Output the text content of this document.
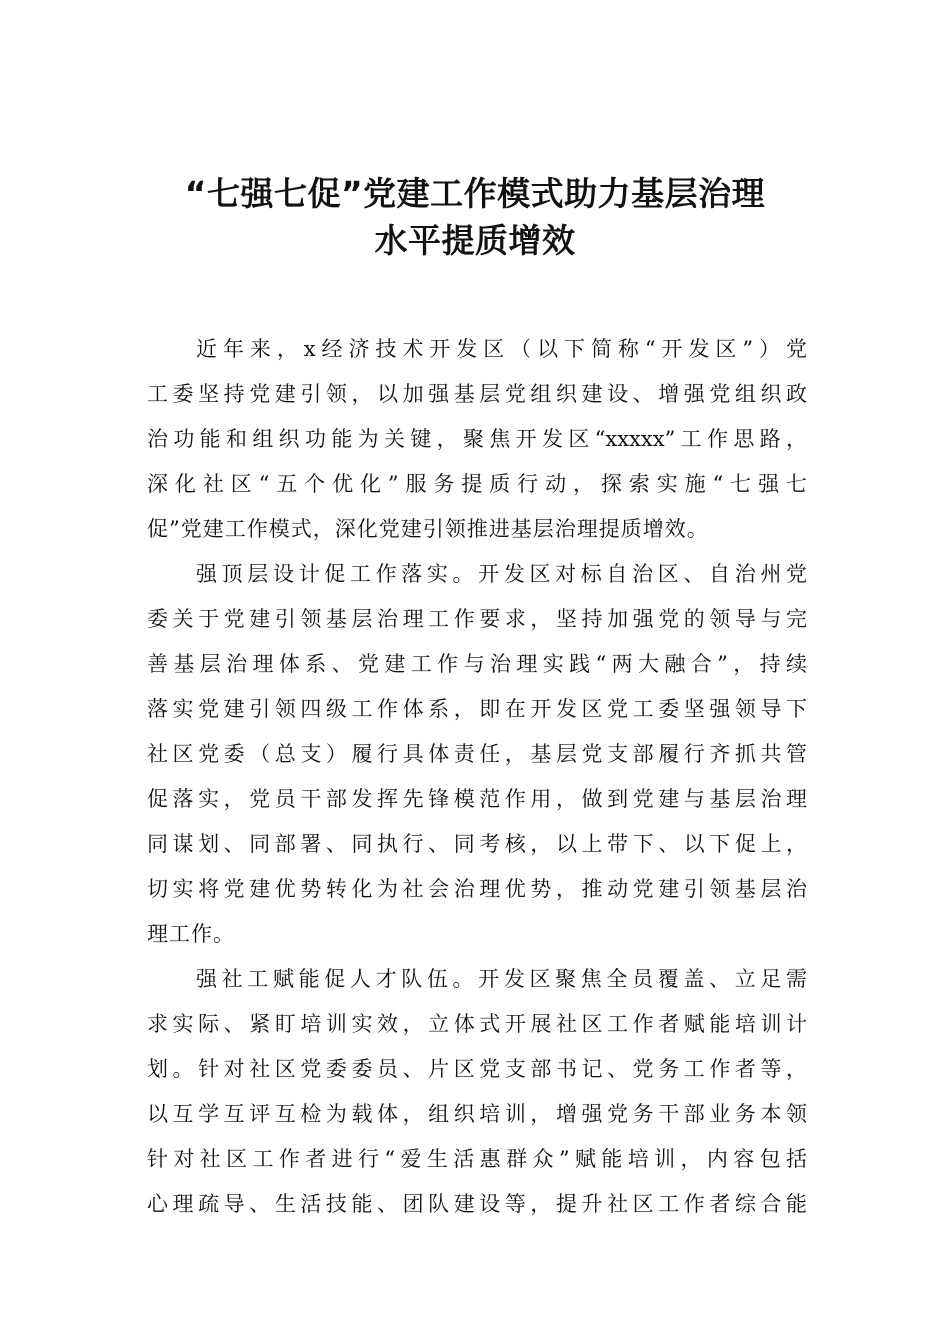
“七强七促”党建工作模式助力基层治理
水平提质增效
近年来，x经济技术开发区（以下简称“开发区”）党
工委坚持党建引领，以加强基层党组织建设、增强党组织政
治功能和组织功能为关键，聚焦开发区“xxxxx”工作思路，
深化社区“五个优化”服务提质行动，探索实施“七强七
促”党建工作模式，深化党建引领推进基层治理提质增效。
强顶层设计促工作落实。开发区对标自治区、自治州党
委关于党建引领基层治理工作要求，坚持加强党的领导与完
善基层治理体系、党建工作与治理实践“两大融合”，持续
落实党建引领四级工作体系，即在开发区党工委坚强领导下
社区党委（总支）履行具体责任，基层党支部履行齐抓共管
促落实，党员干部发挥先锋模范作用，做到党建与基层治理
同谋划、同部署、同执行、同考核，以上带下、以下促上，
切实将党建优势转化为社会治理优势，推动党建引领基层治
理工作。
强社工赋能促人才队伍。开发区聚焦全员覆盖、立足需
求实际、紧盯培训实效，立体式开展社区工作者赋能培训计
划。针对社区党委委员、片区党支部书记、党务工作者等，
以互学互评互检为载体，组织培训，增强党务干部业务本领
针对社区工作者进行“爱生活惠群众”赋能培训，内容包括
心理疏导、生活技能、团队建设等，提升社区工作者综合能
